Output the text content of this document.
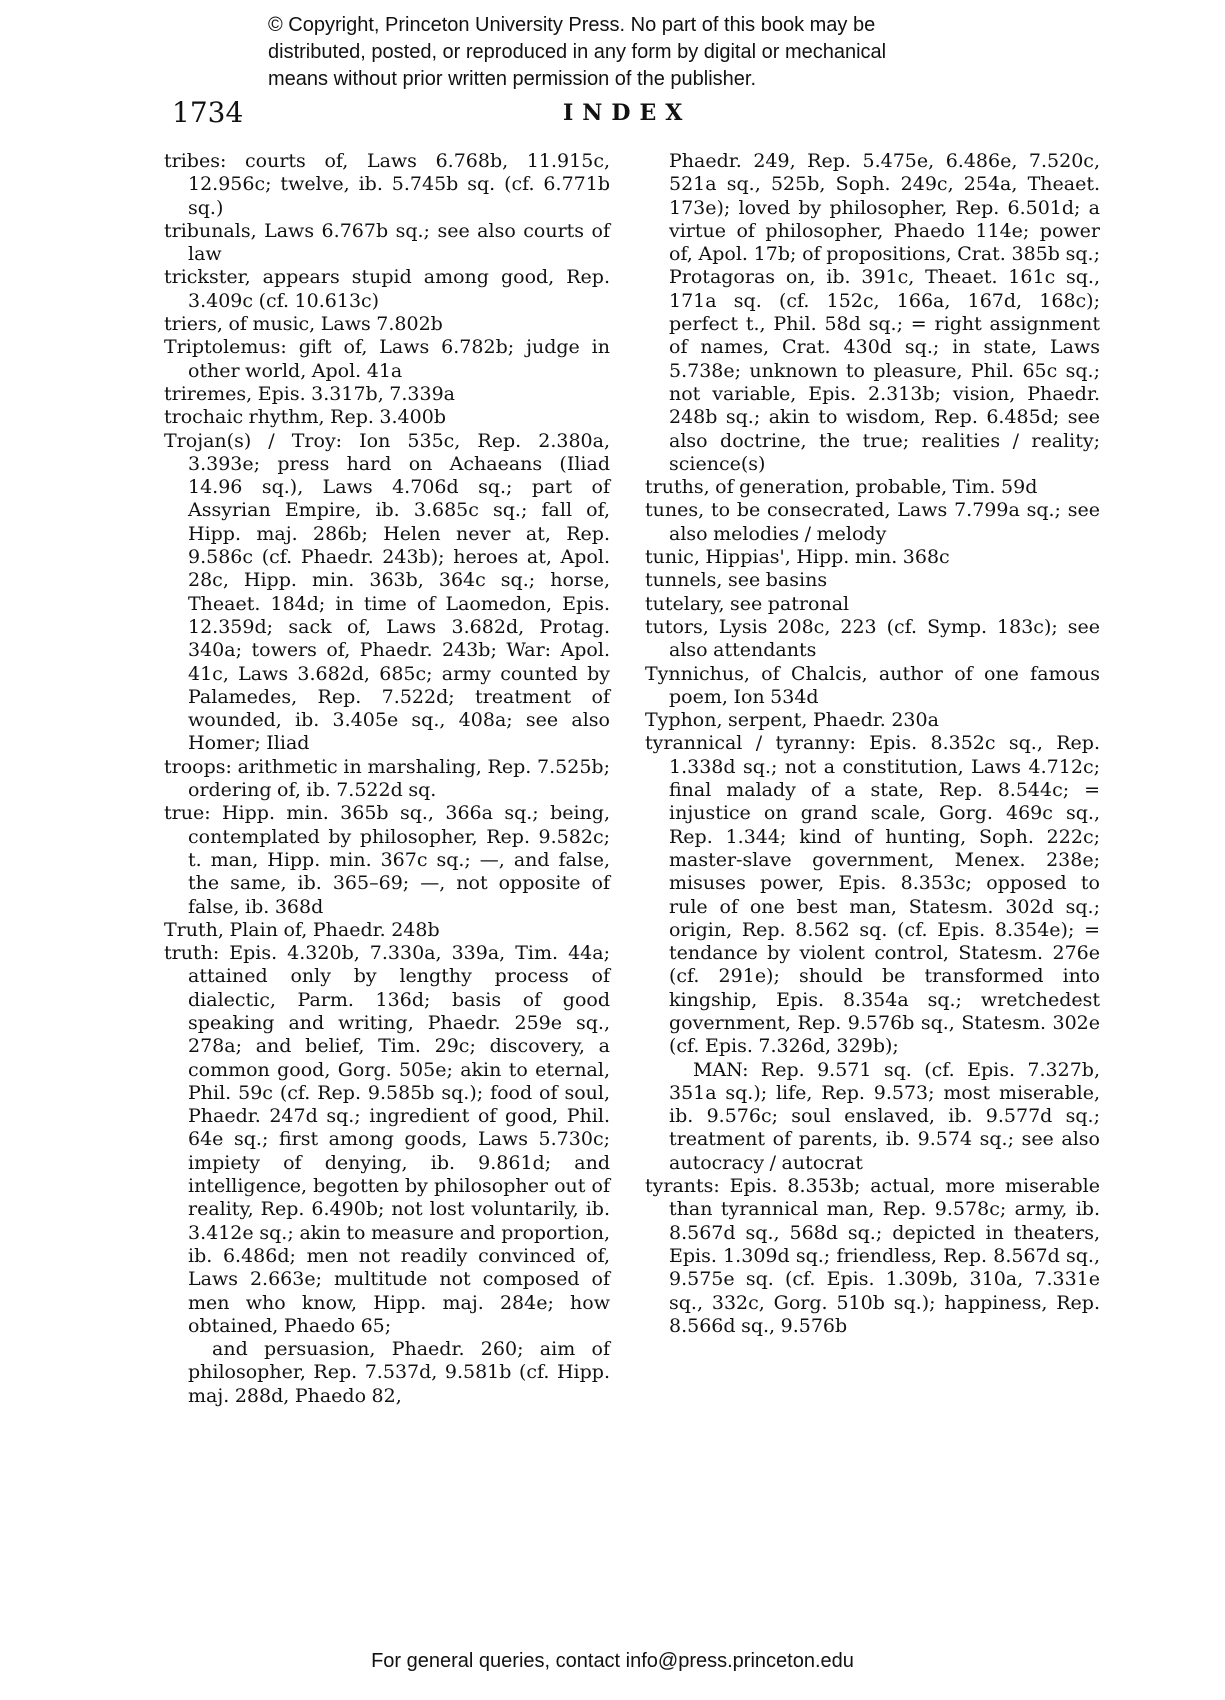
© Copyright, Princeton University Press. No part of this book may be
distributed, posted, or reproduced in any form by digital or mechanical
means without prior written permission of the publisher.
1734	INDEX
tribes: courts of, Laws 6.768b, 11.915c, 12.956c; twelve, ib. 5.745b sq. (cf. 6.771b sq.)
tribunals, Laws 6.767b sq.; see also courts of law
trickster, appears stupid among good, Rep. 3.409c (cf. 10.613c)
triers, of music, Laws 7.802b
Triptolemus: gift of, Laws 6.782b; judge in other world, Apol. 41a
triremes, Epis. 3.317b, 7.339a
trochaic rhythm, Rep. 3.400b
Trojan(s) / Troy: Ion 535c, Rep. 2.380a, 3.393e; press hard on Achaeans (Iliad 14.96 sq.), Laws 4.706d sq.; part of Assyrian Empire, ib. 3.685c sq.; fall of, Hipp. maj. 286b; Helen never at, Rep. 9.586c (cf. Phaedr. 243b); heroes at, Apol. 28c, Hipp. min. 363b, 364c sq.; horse, Theaet. 184d; in time of Laomedon, Epis. 12.359d; sack of, Laws 3.682d, Protag. 340a; towers of, Phaedr. 243b; War: Apol. 41c, Laws 3.682d, 685c; army counted by Palamedes, Rep. 7.522d; treatment of wounded, ib. 3.405e sq., 408a; see also Homer; Iliad
troops: arithmetic in marshaling, Rep. 7.525b; ordering of, ib. 7.522d sq.
true: Hipp. min. 365b sq., 366a sq.; being, contemplated by philosopher, Rep. 9.582c; t. man, Hipp. min. 367c sq.; —, and false, the same, ib. 365–69; —, not opposite of false, ib. 368d
Truth, Plain of, Phaedr. 248b
truth: Epis. 4.320b, 7.330a, 339a, Tim. 44a; attained only by lengthy process of dialectic, Parm. 136d; basis of good speaking and writing, Phaedr. 259e sq., 278a; and belief, Tim. 29c; discovery, a common good, Gorg. 505e; akin to eternal, Phil. 59c (cf. Rep. 9.585b sq.); food of soul, Phaedr. 247d sq.; ingredient of good, Phil. 64e sq.; first among goods, Laws 5.730c; impiety of denying, ib. 9.861d; and intelligence, begotten by philosopher out of reality, Rep. 6.490b; not lost voluntarily, ib. 3.412e sq.; akin to measure and proportion, ib. 6.486d; men not readily convinced of, Laws 2.663e; multitude not composed of men who know, Hipp. maj. 284e; how obtained, Phaedo 65;
and persuasion, Phaedr. 260; aim of philosopher, Rep. 7.537d, 9.581b (cf. Hipp. maj. 288d, Phaedo 82,
Phaedr. 249, Rep. 5.475e, 6.486e, 7.520c, 521a sq., 525b, Soph. 249c, 254a, Theaet. 173e); loved by philosopher, Rep. 6.501d; a virtue of philosopher, Phaedo 114e; power of, Apol. 17b; of propositions, Crat. 385b sq.; Protagoras on, ib. 391c, Theaet. 161c sq., 171a sq. (cf. 152c, 166a, 167d, 168c); perfect t., Phil. 58d sq.; = right assignment of names, Crat. 430d sq.; in state, Laws 5.738e; unknown to pleasure, Phil. 65c sq.; not variable, Epis. 2.313b; vision, Phaedr. 248b sq.; akin to wisdom, Rep. 6.485d; see also doctrine, the true; realities / reality; science(s)
truths, of generation, probable, Tim. 59d
tunes, to be consecrated, Laws 7.799a sq.; see also melodies / melody
tunic, Hippias', Hipp. min. 368c
tunnels, see basins
tutelary, see patronal
tutors, Lysis 208c, 223 (cf. Symp. 183c); see also attendants
Tynnichus, of Chalcis, author of one famous poem, Ion 534d
Typhon, serpent, Phaedr. 230a
tyrannical / tyranny: Epis. 8.352c sq., Rep. 1.338d sq.; not a constitution, Laws 4.712c; final malady of a state, Rep. 8.544c; = injustice on grand scale, Gorg. 469c sq., Rep. 1.344; kind of hunting, Soph. 222c; master-slave government, Menex. 238e; misuses power, Epis. 8.353c; opposed to rule of one best man, Statesm. 302d sq.; origin, Rep. 8.562 sq. (cf. Epis. 8.354e); = tendance by violent control, Statesm. 276e (cf. 291e); should be transformed into kingship, Epis. 8.354a sq.; wretchedest government, Rep. 9.576b sq., Statesm. 302e (cf. Epis. 7.326d, 329b);
MAN: Rep. 9.571 sq. (cf. Epis. 7.327b, 351a sq.); life, Rep. 9.573; most miserable, ib. 9.576c; soul enslaved, ib. 9.577d sq.; treatment of parents, ib. 9.574 sq.; see also autocracy / autocrat
tyrants: Epis. 8.353b; actual, more miserable than tyrannical man, Rep. 9.578c; army, ib. 8.567d sq., 568d sq.; depicted in theaters, Epis. 1.309d sq.; friendless, Rep. 8.567d sq., 9.575e sq. (cf. Epis. 1.309b, 310a, 7.331e sq., 332c, Gorg. 510b sq.); happiness, Rep. 8.566d sq., 9.576b
For general queries, contact info@press.princeton.edu
